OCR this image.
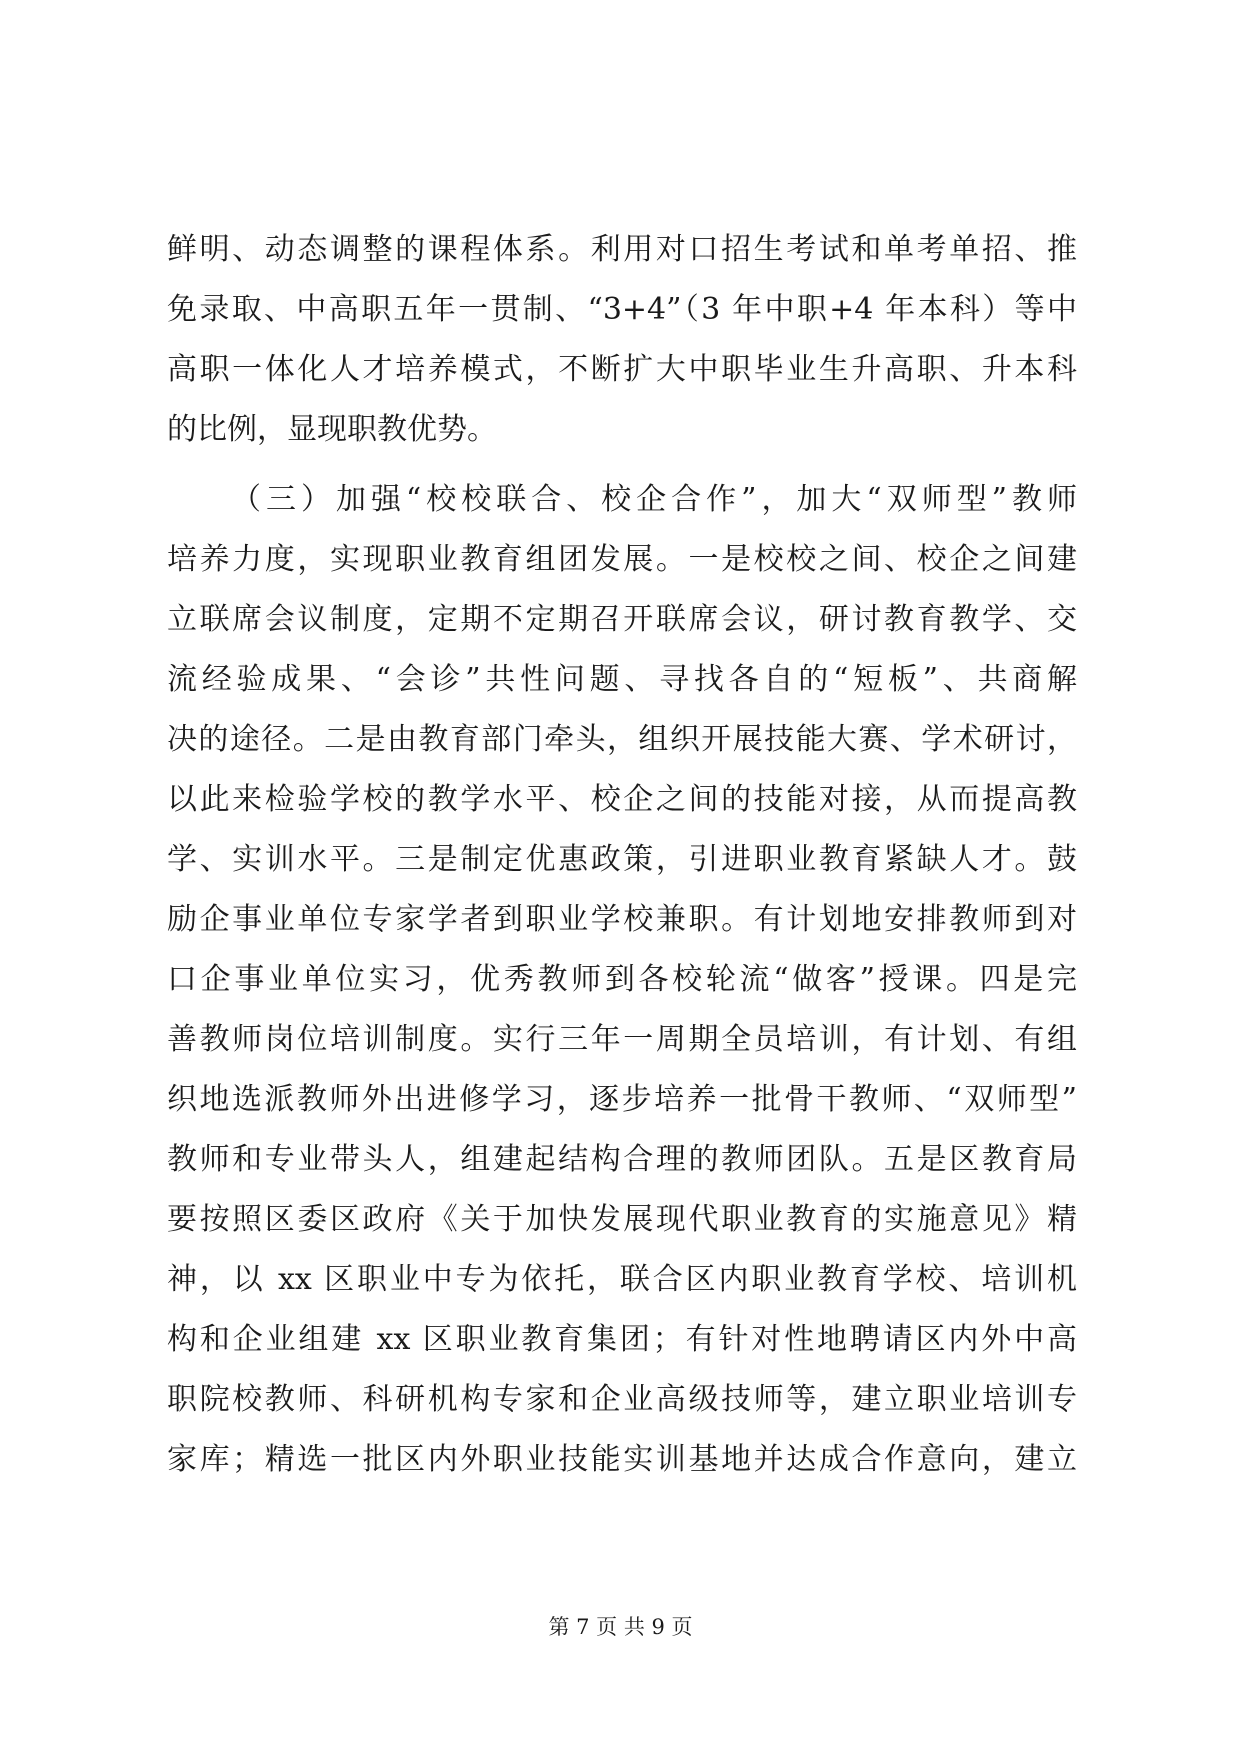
鲜明、动态调整的课程体系。利用对口招生考试和单考单招、推
免录取、中高职五年一贯制、“3+4”（3 年中职+4 年本科）等中
高职一体化人才培养模式，不断扩大中职毕业生升高职、升本科
的比例，显现职教优势。
（三）加强“校校联合、校企合作”，加大“双师型”教师
培养力度，实现职业教育组团发展。一是校校之间、校企之间建
立联席会议制度，定期不定期召开联席会议，研讨教育教学、交
流经验成果、“会诊”共性问题、寻找各自的“短板”、共商解
决的途径。二是由教育部门牵头，组织开展技能大赛、学术研讨，
以此来检验学校的教学水平、校企之间的技能对接，从而提高教
学、实训水平。三是制定优惠政策，引进职业教育紧缺人才。鼓
励企事业单位专家学者到职业学校兼职。有计划地安排教师到对
口企事业单位实习，优秀教师到各校轮流“做客”授课。四是完
善教师岗位培训制度。实行三年一周期全员培训，有计划、有组
织地选派教师外出进修学习，逐步培养一批骨干教师、“双师型”
教师和专业带头人，组建起结构合理的教师团队。五是区教育局
要按照区委区政府《关于加快发展现代职业教育的实施意见》精
神，以 xx 区职业中专为依托，联合区内职业教育学校、培训机
构和企业组建 xx 区职业教育集团；有针对性地聘请区内外中高
职院校教师、科研机构专家和企业高级技师等，建立职业培训专
家库；精选一批区内外职业技能实训基地并达成合作意向，建立
第 7 页 共 9 页
